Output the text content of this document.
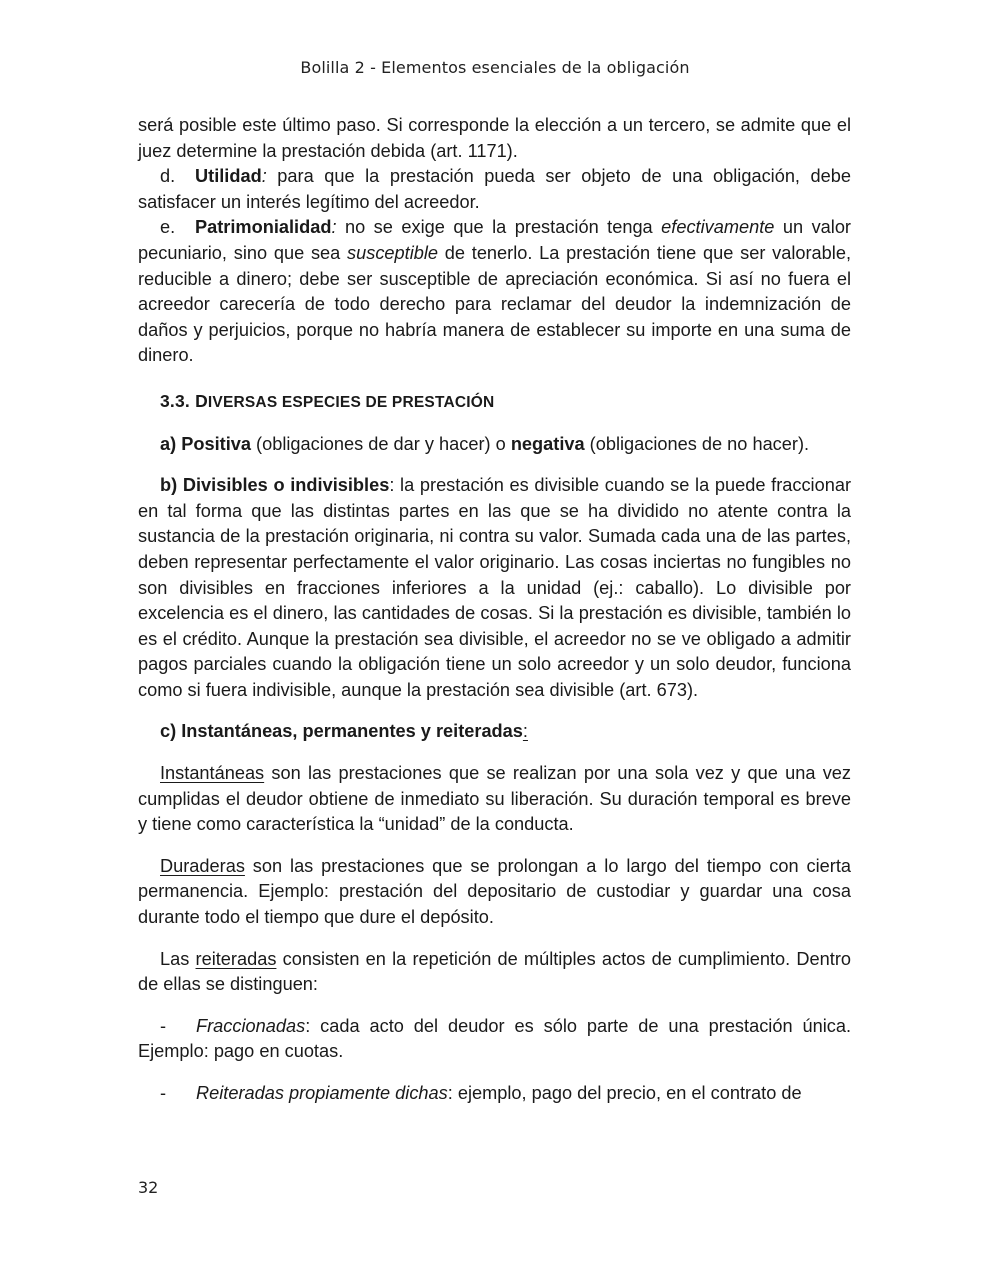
Bolilla 2 - Elementos esenciales de la obligación

será posible este último paso. Si corresponde la elección a un tercero, se admite que el juez determine la prestación debida (art. 1171).

d. Utilidad: para que la prestación pueda ser objeto de una obligación, debe satisfacer un interés legítimo del acreedor.

e. Patrimonialidad: no se exige que la prestación tenga efectivamente un valor pecuniario, sino que sea susceptible de tenerlo. La prestación tiene que ser valorable, reducible a dinero; debe ser susceptible de apreciación económica. Si así no fuera el acreedor carecería de todo derecho para reclamar del deudor la indemnización de daños y perjuicios, porque no habría manera de establecer su importe en una suma de dinero.

3.3. DIVERSAS ESPECIES DE PRESTACIÓN

a) Positiva (obligaciones de dar y hacer) o negativa (obligaciones de no hacer).

b) Divisibles o indivisibles: la prestación es divisible cuando se la puede fraccionar en tal forma que las distintas partes en las que se ha dividido no atente contra la sustancia de la prestación originaria, ni contra su valor. Sumada cada una de las partes, deben representar perfectamente el valor originario. Las cosas inciertas no fungibles no son divisibles en fracciones inferiores a la unidad (ej.: caballo). Lo divisible por excelencia es el dinero, las cantidades de cosas. Si la prestación es divisible, también lo es el crédito. Aunque la prestación sea divisible, el acreedor no se ve obligado a admitir pagos parciales cuando la obligación tiene un solo acreedor y un solo deudor, funciona como si fuera indivisible, aunque la prestación sea divisible (art. 673).

c) Instantáneas, permanentes y reiteradas:

Instantáneas son las prestaciones que se realizan por una sola vez y que una vez cumplidas el deudor obtiene de inmediato su liberación. Su duración temporal es breve y tiene como característica la “unidad” de la conducta.

Duraderas son las prestaciones que se prolongan a lo largo del tiempo con cierta permanencia. Ejemplo: prestación del depositario de custodiar y guardar una cosa durante todo el tiempo que dure el depósito.

Las reiteradas consisten en la repetición de múltiples actos de cumplimiento. Dentro de ellas se distinguen:

- Fraccionadas: cada acto del deudor es sólo parte de una prestación única. Ejemplo: pago en cuotas.

- Reiteradas propiamente dichas: ejemplo, pago del precio, en el contrato de

32
